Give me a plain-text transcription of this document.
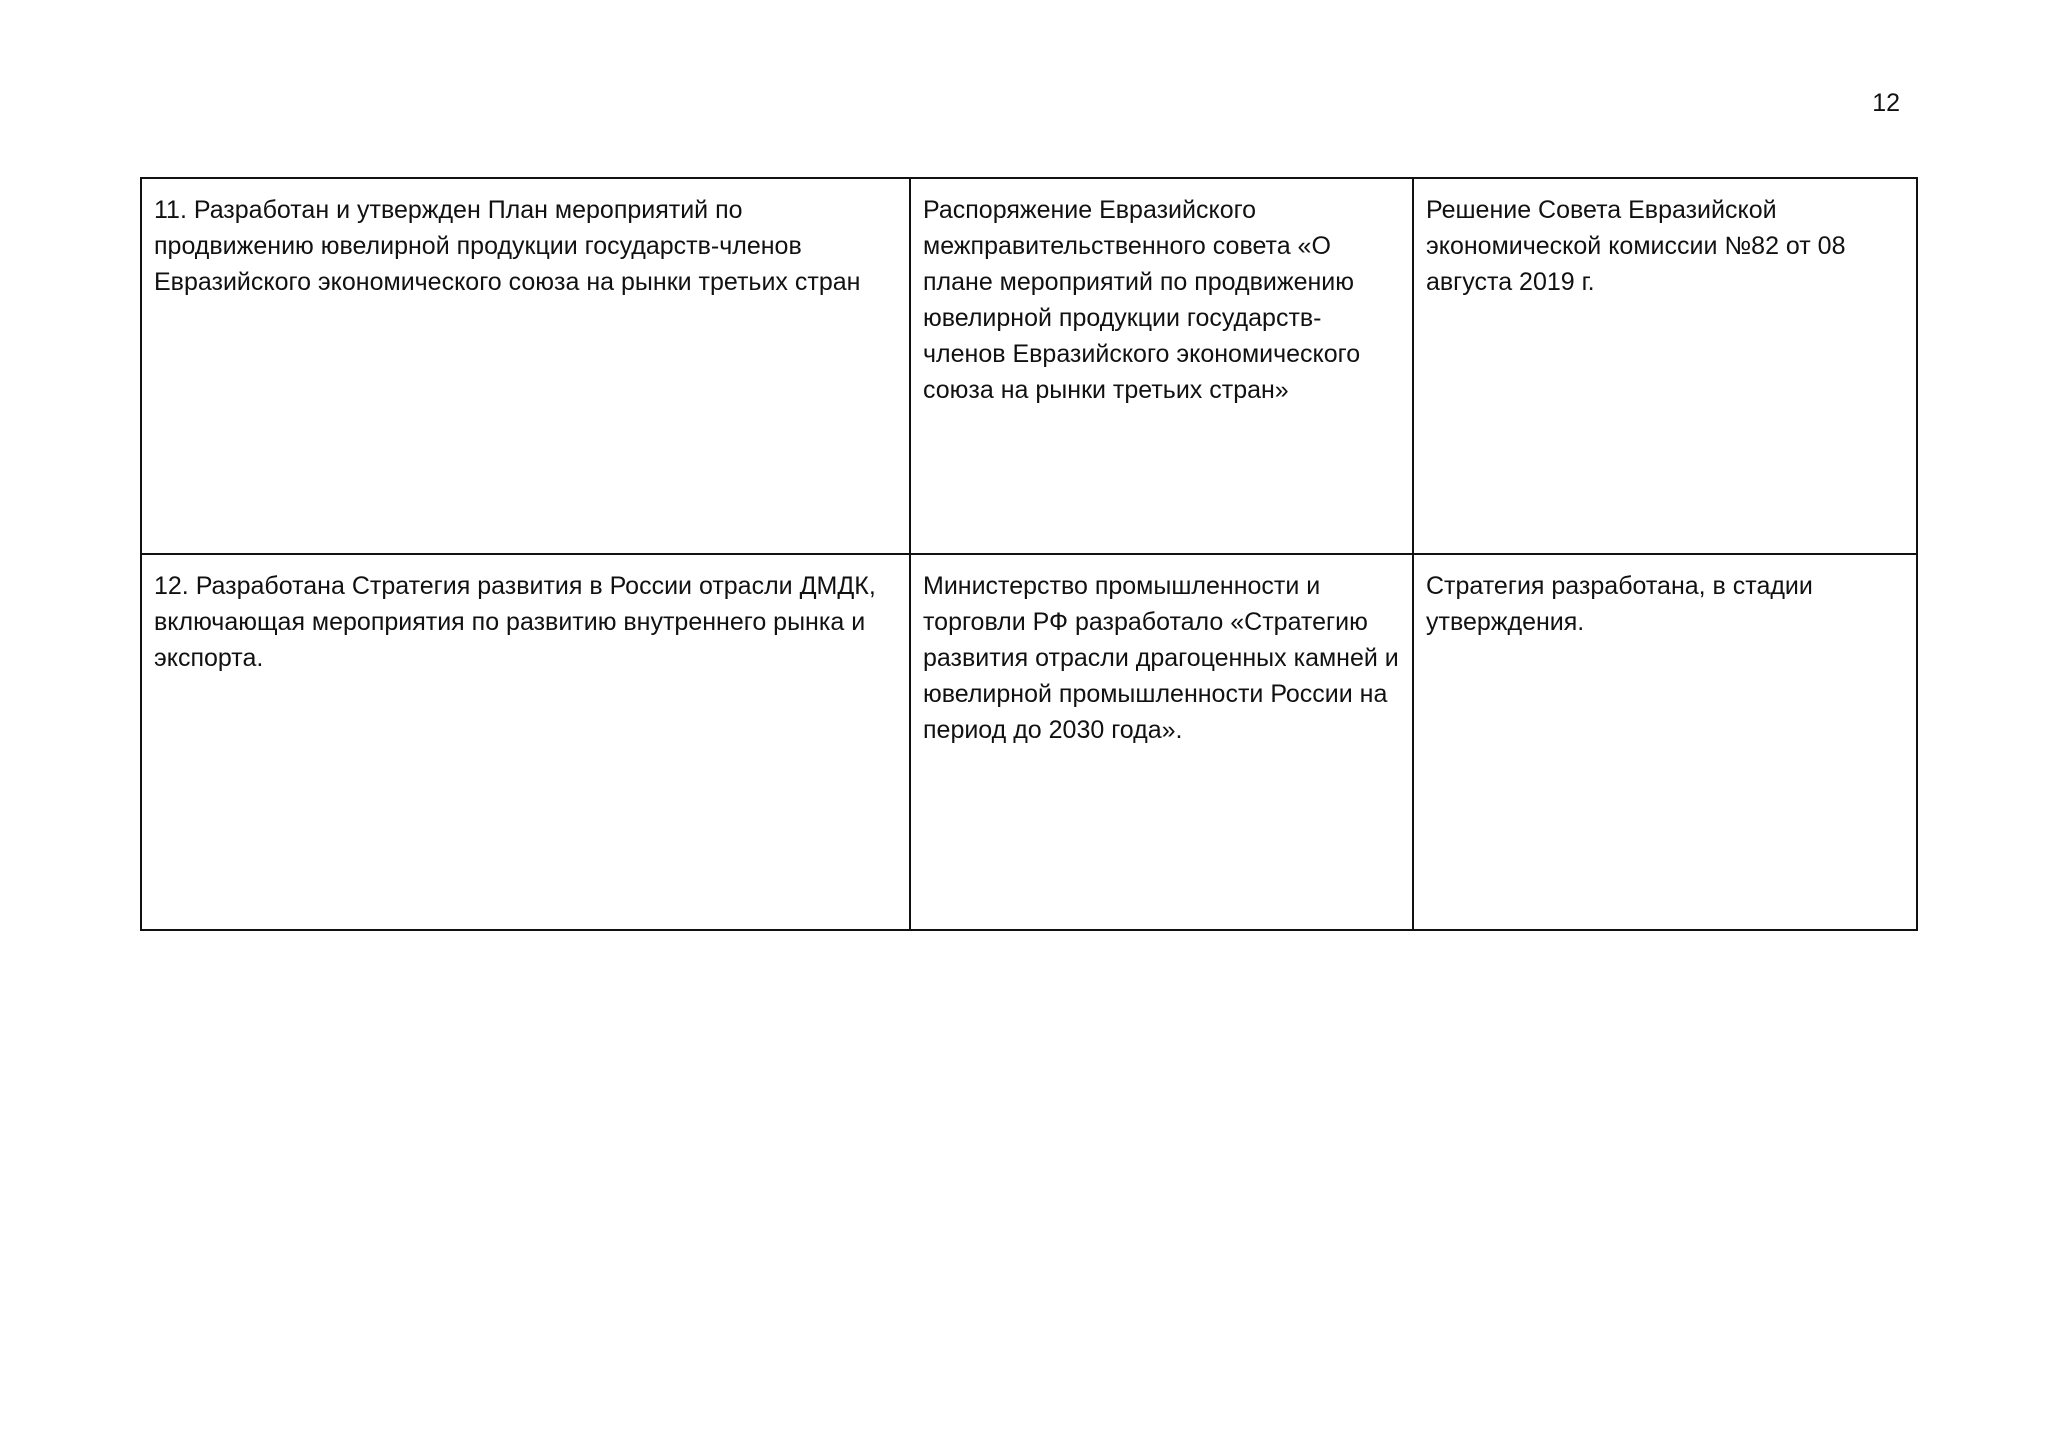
12
11. Разработан и утвержден План мероприятий по продвижению ювелирной продукции государств-членов Евразийского экономического союза на рынки третьих стран	Распоряжение Евразийского межправительственного совета «О плане мероприятий по продвижению ювелирной продукции государств-членов Евразийского экономического союза на рынки третьих стран»	Решение Совета Евразийской экономической комиссии №82 от 08 августа 2019 г.
12. Разработана Стратегия развития в России отрасли ДМДК, включающая мероприятия по развитию внутреннего рынка и экспорта.	Министерство промышленности и торговли РФ разработало «Стратегию развития отрасли драгоценных камней и ювелирной промышленности России на период до 2030 года».	Стратегия разработана, в стадии утверждения.
